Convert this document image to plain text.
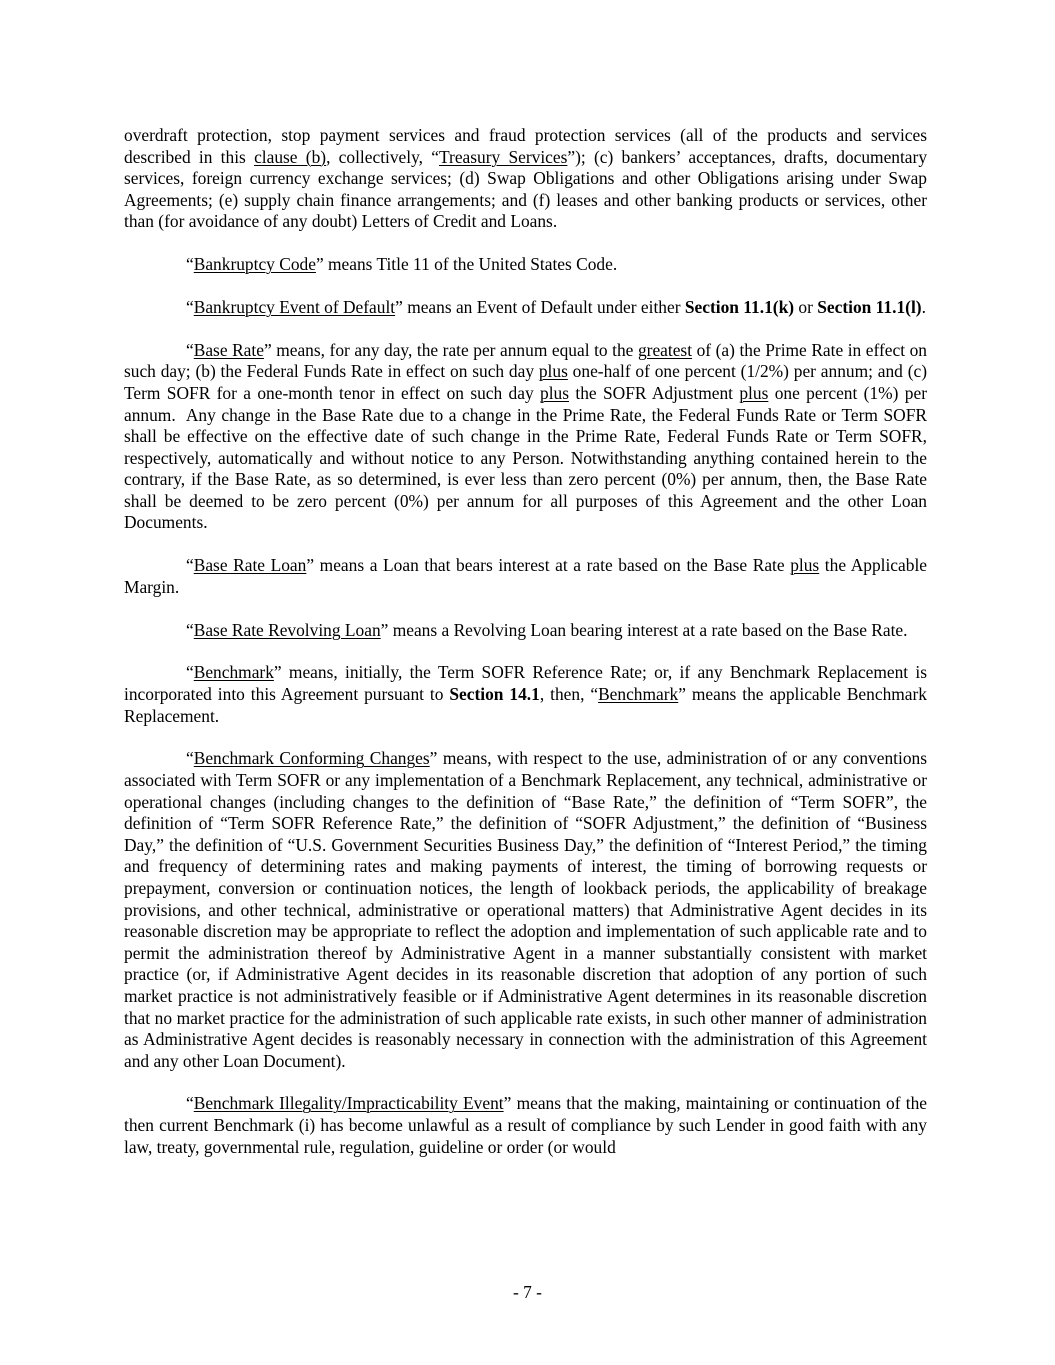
overdraft protection, stop payment services and fraud protection services (all of the products and services described in this clause (b), collectively, “Treasury Services”); (c) bankers’ acceptances, drafts, documentary services, foreign currency exchange services; (d) Swap Obligations and other Obligations arising under Swap Agreements; (e) supply chain finance arrangements; and (f) leases and other banking products or services, other than (for avoidance of any doubt) Letters of Credit and Loans.

“Bankruptcy Code” means Title 11 of the United States Code.

“Bankruptcy Event of Default” means an Event of Default under either Section 11.1(k) or Section 11.1(l).

“Base Rate” means, for any day, the rate per annum equal to the greatest of (a) the Prime Rate in effect on such day; (b) the Federal Funds Rate in effect on such day plus one-half of one percent (1/2%) per annum; and (c) Term SOFR for a one-month tenor in effect on such day plus the SOFR Adjustment plus one percent (1%) per annum.  Any change in the Base Rate due to a change in the Prime Rate, the Federal Funds Rate or Term SOFR shall be effective on the effective date of such change in the Prime Rate, Federal Funds Rate or Term SOFR, respectively, automatically and without notice to any Person. Notwithstanding anything contained herein to the contrary, if the Base Rate, as so determined, is ever less than zero percent (0%) per annum, then, the Base Rate shall be deemed to be zero percent (0%) per annum for all purposes of this Agreement and the other Loan Documents.

“Base Rate Loan” means a Loan that bears interest at a rate based on the Base Rate plus the Applicable Margin.

“Base Rate Revolving Loan” means a Revolving Loan bearing interest at a rate based on the Base Rate.

“Benchmark” means, initially, the Term SOFR Reference Rate; or, if any Benchmark Replacement is incorporated into this Agreement pursuant to Section 14.1, then, “Benchmark” means the applicable Benchmark Replacement.

“Benchmark Conforming Changes” means, with respect to the use, administration of or any conventions associated with Term SOFR or any implementation of a Benchmark Replacement, any technical, administrative or operational changes (including changes to the definition of “Base Rate,” the definition of “Term SOFR”, the definition of “Term SOFR Reference Rate,” the definition of “SOFR Adjustment,” the definition of “Business Day,” the definition of “U.S. Government Securities Business Day,” the definition of “Interest Period,” the timing and frequency of determining rates and making payments of interest, the timing of borrowing requests or prepayment, conversion or continuation notices, the length of lookback periods, the applicability of breakage provisions, and other technical, administrative or operational matters) that Administrative Agent decides in its reasonable discretion may be appropriate to reflect the adoption and implementation of such applicable rate and to permit the administration thereof by Administrative Agent in a manner substantially consistent with market practice (or, if Administrative Agent decides in its reasonable discretion that adoption of any portion of such market practice is not administratively feasible or if Administrative Agent determines in its reasonable discretion that no market practice for the administration of such applicable rate exists, in such other manner of administration as Administrative Agent decides is reasonably necessary in connection with the administration of this Agreement and any other Loan Document).

“Benchmark Illegality/Impracticability Event” means that the making, maintaining or continuation of the then current Benchmark (i) has become unlawful as a result of compliance by such Lender in good faith with any law, treaty, governmental rule, regulation, guideline or order (or would

- 7 -
